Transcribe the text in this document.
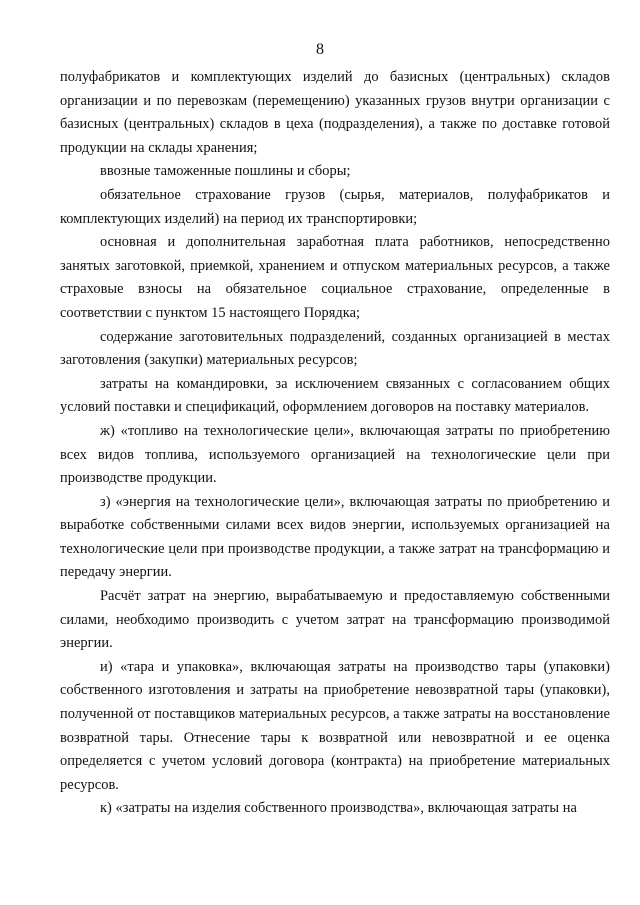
8

полуфабрикатов и комплектующих изделий до базисных (центральных) складов организации и по перевозкам (перемещению) указанных грузов внутри организации с базисных (центральных) складов в цеха (подразделения), а также по доставке готовой продукции на склады хранения;

ввозные таможенные пошлины и сборы;

обязательное страхование грузов (сырья, материалов, полуфабрикатов и комплектующих изделий) на период их транспортировки;

основная и дополнительная заработная плата работников, непосредственно занятых заготовкой, приемкой, хранением и отпуском материальных ресурсов, а также страховые взносы на обязательное социальное страхование, определенные в соответствии с пунктом 15 настоящего Порядка;

содержание заготовительных подразделений, созданных организацией в местах заготовления (закупки) материальных ресурсов;

затраты на командировки, за исключением связанных с согласованием общих условий поставки и спецификаций, оформлением договоров на поставку материалов.

ж) «топливо на технологические цели», включающая затраты по приобретению всех видов топлива, используемого организацией на технологические цели при производстве продукции.

з) «энергия на технологические цели», включающая затраты по приобретению и выработке собственными силами всех видов энергии, используемых организацией на технологические цели при производстве продукции, а также затрат на трансформацию и передачу энергии.

Расчёт затрат на энергию, вырабатываемую и предоставляемую собственными силами, необходимо производить с учетом затрат на трансформацию производимой энергии.

и) «тара и упаковка», включающая затраты на производство тары (упаковки) собственного изготовления и затраты на приобретение невозвратной тары (упаковки), полученной от поставщиков материальных ресурсов, а также затраты на восстановление возвратной тары. Отнесение тары к возвратной или невозвратной и ее оценка определяется с учетом условий договора (контракта) на приобретение материальных ресурсов.

к) «затраты на изделия собственного производства», включающая затраты на
